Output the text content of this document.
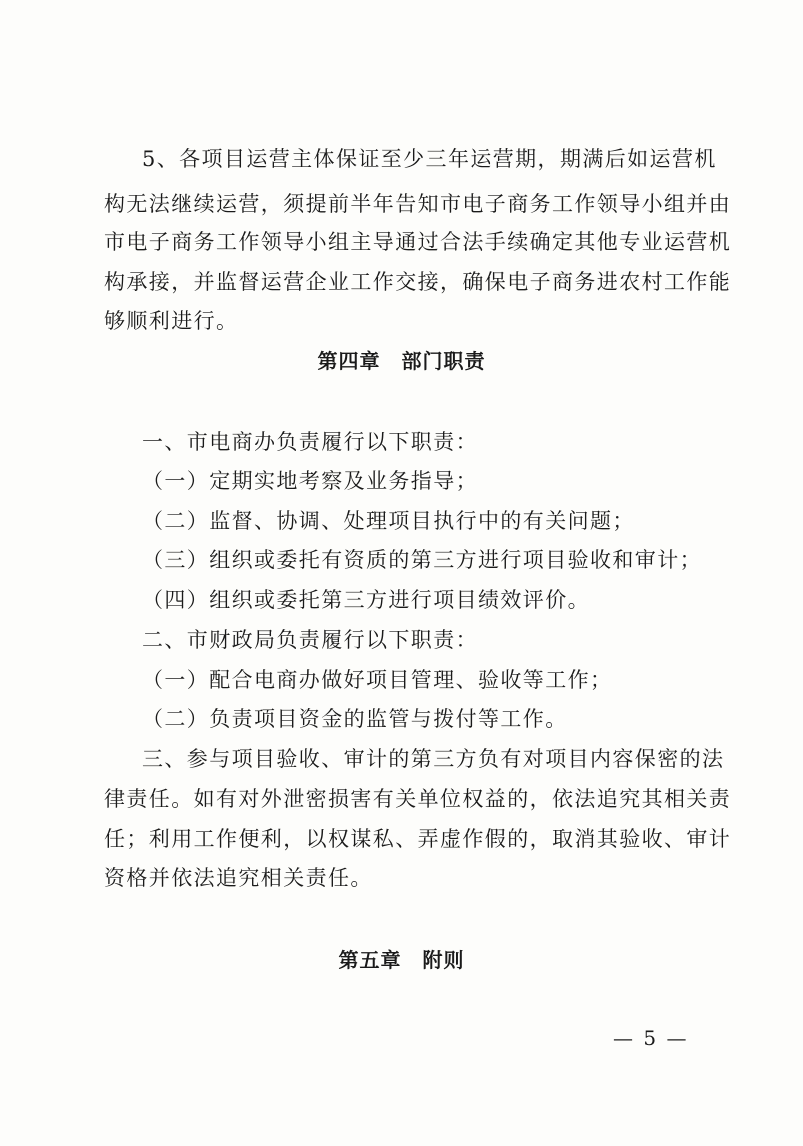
5、各项目运营主体保证至少三年运营期，期满后如运营机
构无法继续运营，须提前半年告知市电子商务工作领导小组并由
市电子商务工作领导小组主导通过合法手续确定其他专业运营机
构承接，并监督运营企业工作交接，确保电子商务进农村工作能
够顺利进行。
第四章　部门职责
一、市电商办负责履行以下职责：
（一）定期实地考察及业务指导；
（二）监督、协调、处理项目执行中的有关问题；
（三）组织或委托有资质的第三方进行项目验收和审计；
（四）组织或委托第三方进行项目绩效评价。
二、市财政局负责履行以下职责：
（一）配合电商办做好项目管理、验收等工作；
（二）负责项目资金的监管与拨付等工作。
三、参与项目验收、审计的第三方负有对项目内容保密的法
律责任。如有对外泄密损害有关单位权益的，依法追究其相关责
任；利用工作便利，以权谋私、弄虚作假的，取消其验收、审计
资格并依法追究相关责任。
第五章　附则
— 5 —
